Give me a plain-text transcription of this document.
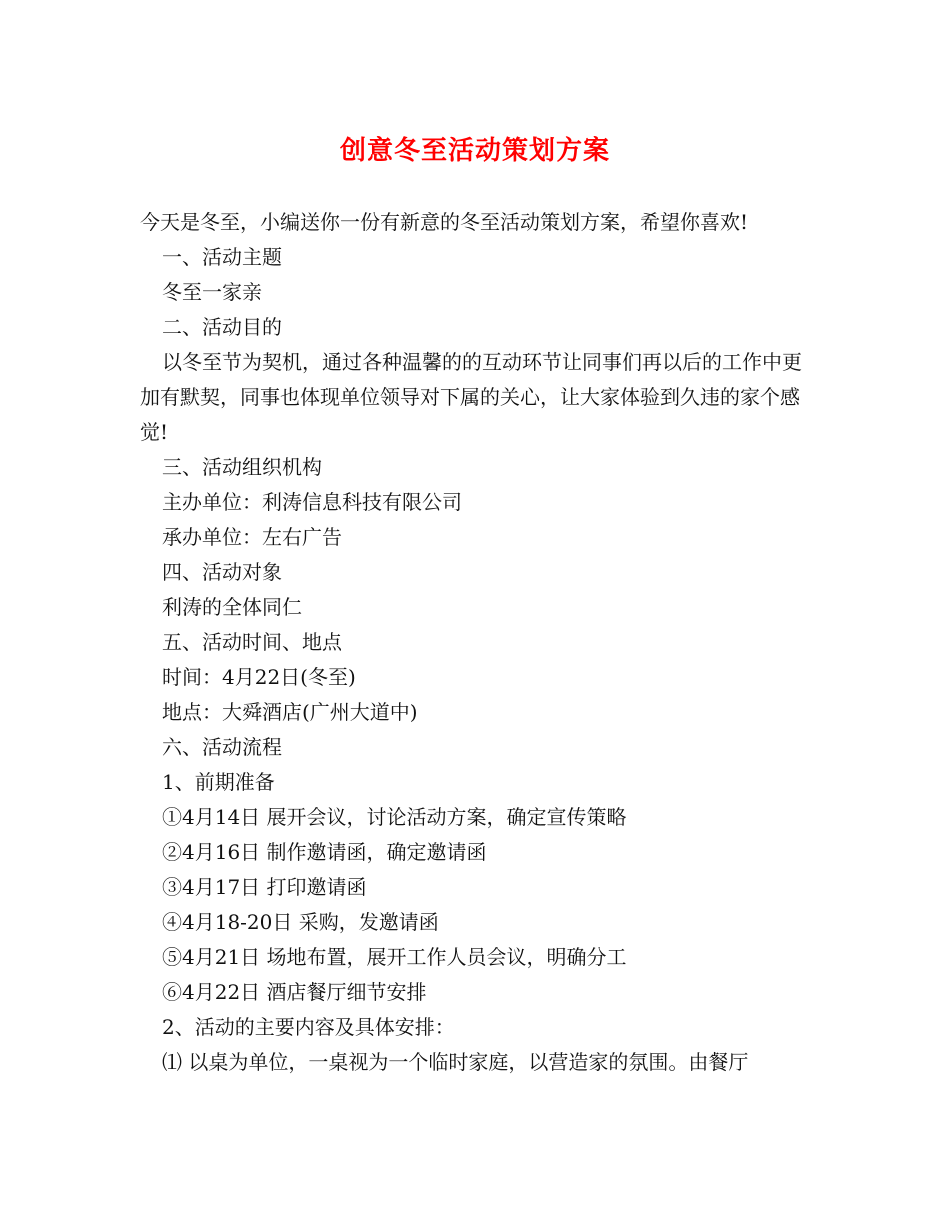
创意冬至活动策划方案

今天是冬至，小编送你一份有新意的冬至活动策划方案，希望你喜欢!

一、活动主题

冬至一家亲

二、活动目的

以冬至节为契机，通过各种温馨的的互动环节让同事们再以后的工作中更加有默契，同事也体现单位领导对下属的关心，让大家体验到久违的家个感觉!

三、活动组织机构

主办单位：利涛信息科技有限公司

承办单位：左右广告

四、活动对象

利涛的全体同仁

五、活动时间、地点

时间：4月22日(冬至)

地点：大舜酒店(广州大道中)

六、活动流程

1、前期准备

①4月14日 展开会议，讨论活动方案，确定宣传策略

②4月16日 制作邀请函，确定邀请函

③4月17日 打印邀请函

④4月18-20日 采购，发邀请函

⑤4月21日 场地布置，展开工作人员会议，明确分工

⑥4月22日 酒店餐厅细节安排

2、活动的主要内容及具体安排：

⑴ 以桌为单位，一桌视为一个临时家庭，以营造家的氛围。由餐厅
